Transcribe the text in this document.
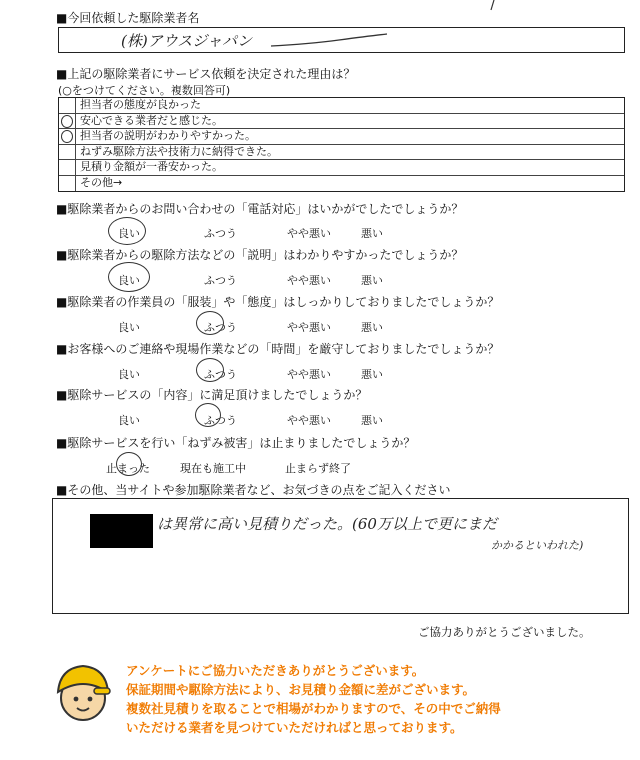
■今回依頼した駆除業者名
(株)アウスジャパン
■上記の駆除業者にサービス依頼を決定された理由は？
(○をつけてください。複数回答可)
担当者の態度が良かった
安心できる業者だと感じた。
担当者の説明がわかりやすかった。
ねずみ駆除方法や技術力に納得できた。
見積り金額が一番安かった。
その他→
■駆除業者からのお問い合わせの「電話対応」はいかがでしたでしょうか？
良い	ふつう	やや悪い	悪い
■駆除業者からの駆除方法などの「説明」はわかりやすかったでしょうか？
良い	ふつう	やや悪い	悪い
■駆除業者の作業員の「服装」や「態度」はしっかりしておりましたでしょうか？
良い	ふつう	やや悪い	悪い
■お客様へのご連絡や現場作業などの「時間」を厳守しておりましたでしょうか？
良い	ふつう	やや悪い	悪い
■駆除サービスの「内容」に満足頂けましたでしょうか？
良い	ふつう	やや悪い	悪い
■駆除サービスを行い「ねずみ被害」は止まりましたでしょうか？
止まった	現在も施工中	止まらず終了
■その他、当サイトや参加駆除業者など、お気づきの点をご記入ください
は異常に高い見積りだった。(60万以上で更にまだ
かかるといわれた)
ご協力ありがとうございました。
アンケートにご協力いただきありがとうございます。
保証期間や駆除方法により、お見積り金額に差がございます。
複数社見積りを取ることで相場がわかりますので、その中でご納得
いただける業者を見つけていただければと思っております。
